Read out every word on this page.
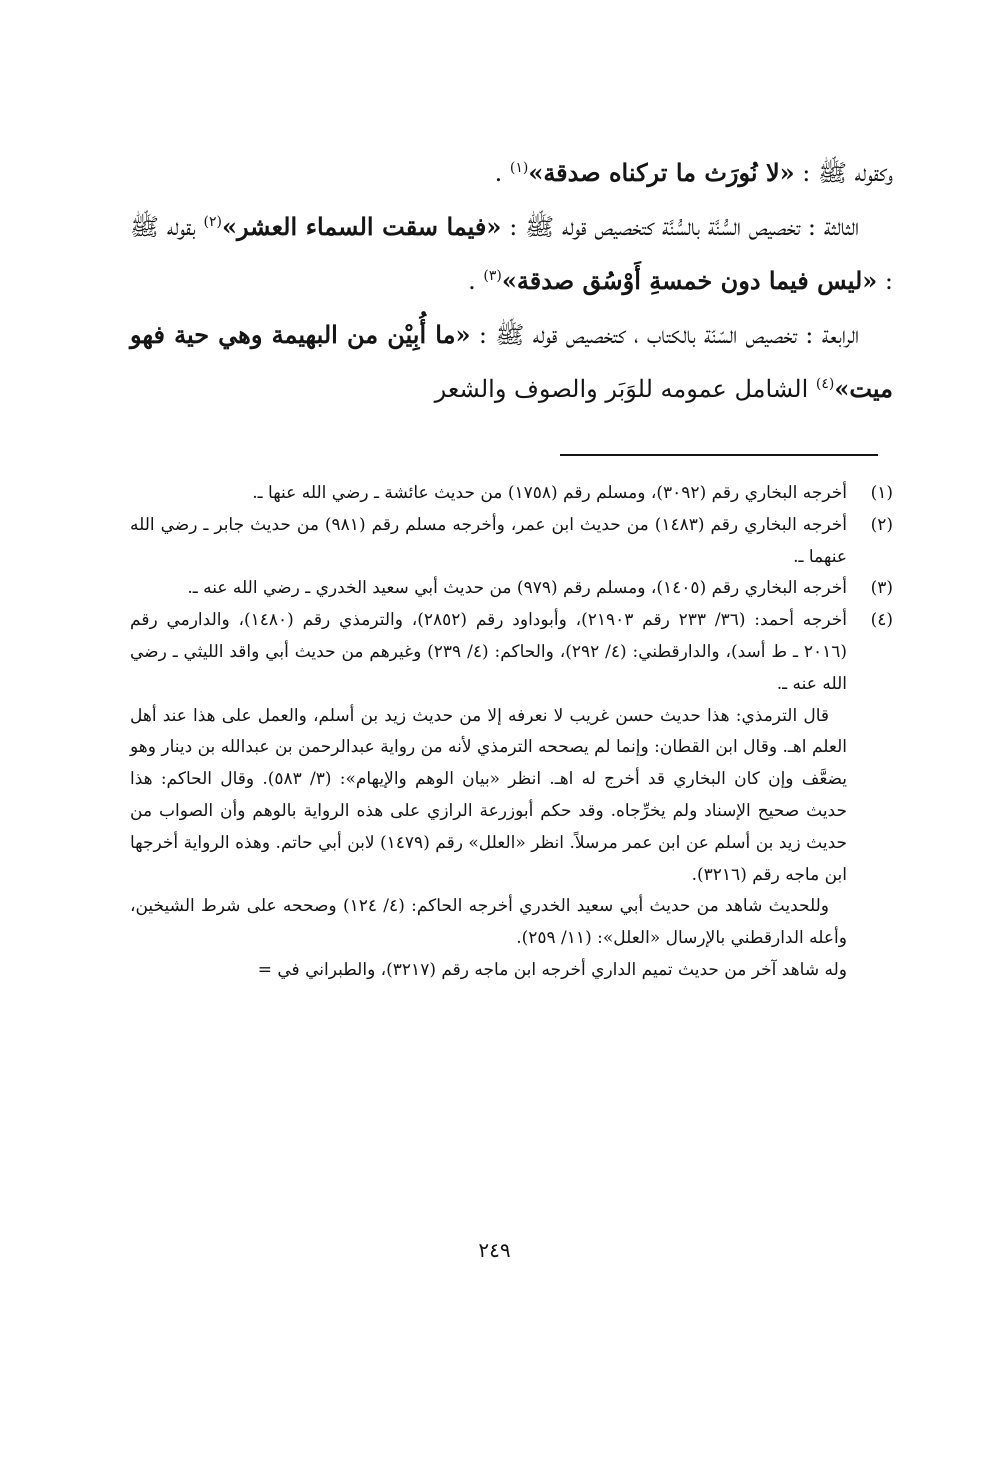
وكقوله ﷺ : «لا نُورَث ما تركناه صدقة»$^{(١)}$ .

الثالثة : تخصيص السُّنَّة بالسُّنَّة كتخصيص قوله ﷺ : «فيما سقت السماء العشر»$^{(٢)}$ بقوله ﷺ : «ليس فيما دون خمسةِ أَوْسُق صدقة»$^{(٣)}$ .

الرابعة : تخصيص السّنّة بالكتاب ، كتخصيص قوله ﷺ : «ما أُبِيْن من البهيمة وهي حية فهو ميت»$^{(٤)}$ الشامل عمومه للوَبَر والصوف والشعر

(١)

أخرجه البخاري رقم (٣٠٩٢)، ومسلم رقم (١٧٥٨) من حديث عائشة ـ رضي الله عنها ـ.

(٢)

أخرجه البخاري رقم (١٤٨٣) من حديث ابن عمر، وأخرجه مسلم رقم (٩٨١) من حديث جابر ـ رضي الله عنهما ـ.

(٣)

أخرجه البخاري رقم (١٤٠٥)، ومسلم رقم (٩٧٩) من حديث أبي سعيد الخدري ـ رضي الله عنه ـ.

(٤)

أخرجه أحمد: (٣٦/ ٢٣٣ رقم ٢١٩٠٣)، وأبوداود رقم (٢٨٥٢)، والترمذي رقم (١٤٨٠)، والدارمي رقم (٢٠١٦ ـ ط أسد)، والدارقطني: (٤/ ٢٩٢)، والحاكم: (٤/ ٢٣٩) وغيرهم من حديث أبي واقد الليثي ـ رضي الله عنه ـ.

قال الترمذي: هذا حديث حسن غريب لا نعرفه إلا من حديث زيد بن أسلم، والعمل على هذا عند أهل العلم اهـ. وقال ابن القطان: وإنما لم يصححه الترمذي لأنه من رواية عبدالرحمن بن عبدالله بن دينار وهو يضعَّف وإن كان البخاري قد أخرج له اهـ. انظر «بيان الوهم والإيهام»: (٣/ ٥٨٣). وقال الحاكم: هذا حديث صحيح الإسناد ولم يخرِّجاه. وقد حكم أبوزرعة الرازي على هذه الرواية بالوهم وأن الصواب من حديث زيد بن أسلم عن ابن عمر مرسلاً. انظر «العلل» رقم (١٤٧٩) لابن أبي حاتم. وهذه الرواية أخرجها ابن ماجه رقم (٣٢١٦).

وللحديث شاهد من حديث أبي سعيد الخدري أخرجه الحاكم: (٤/ ١٢٤) وصححه على شرط الشيخين، وأعله الدارقطني بالإرسال «العلل»: (١١/ ٢٥٩).

وله شاهد آخر من حديث تميم الداري أخرجه ابن ماجه رقم (٣٢١٧)، والطبراني في =

٢٤٩
